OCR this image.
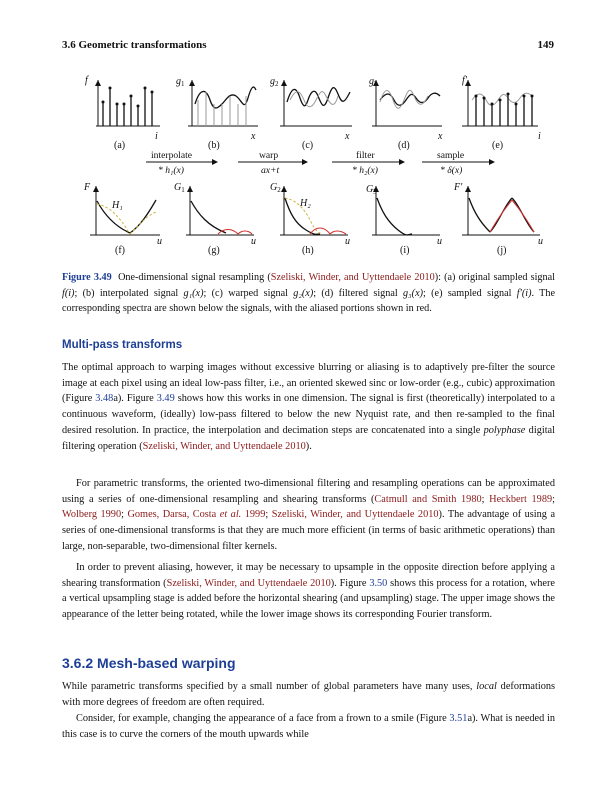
3.6 Geometric transformations	149
f	$g_1$	$g_2$	$g_3$	f'
i	x	x	x	i
(a)	(b)	(c)	(d)	(e)
interpolate
* h₁(x)
warp
ax+t
filter
* h₂(x)
sample
* δ(x)
F	$G_1$	$G_2$	$G_3$	F'
H₁	H₂
u	u	u	u	u
(f)	(g)	(h)	(i)	(j)
Figure 3.49 One-dimensional signal resampling (Szeliski, Winder, and Uyttendaele 2010): (a) original sampled signal f(i); (b) interpolated signal g₁(x); (c) warped signal g₂(x); (d) filtered signal g₃(x); (e) sampled signal f′(i). The corresponding spectra are shown below the signals, with the aliased portions shown in red.
Multi-pass transforms

The optimal approach to warping images without excessive blurring or aliasing is to adaptively pre-filter the source image at each pixel using an ideal low-pass filter, i.e., an oriented skewed sinc or low-order (e.g., cubic) approximation (Figure 3.48a). Figure 3.49 shows how this works in one dimension. The signal is first (theoretically) interpolated to a continuous waveform, (ideally) low-pass filtered to below the new Nyquist rate, and then re-sampled to the final desired resolution. In practice, the interpolation and decimation steps are concatenated into a single polyphase digital filtering operation (Szeliski, Winder, and Uyttendaele 2010).

For parametric transforms, the oriented two-dimensional filtering and resampling operations can be approximated using a series of one-dimensional resampling and shearing transforms (Catmull and Smith 1980; Heckbert 1989; Wolberg 1990; Gomes, Darsa, Costa et al. 1999; Szeliski, Winder, and Uyttendaele 2010). The advantage of using a series of one-dimensional transforms is that they are much more efficient (in terms of basic arithmetic operations) than large, non-separable, two-dimensional filter kernels.

In order to prevent aliasing, however, it may be necessary to upsample in the opposite direction before applying a shearing transformation (Szeliski, Winder, and Uyttendaele 2010). Figure 3.50 shows this process for a rotation, where a vertical upsampling stage is added before the horizontal shearing (and upsampling) stage. The upper image shows the appearance of the letter being rotated, while the lower image shows its corresponding Fourier transform.

3.6.2 Mesh-based warping

While parametric transforms specified by a small number of global parameters have many uses, local deformations with more degrees of freedom are often required.

Consider, for example, changing the appearance of a face from a frown to a smile (Figure 3.51a). What is needed in this case is to curve the corners of the mouth upwards while
